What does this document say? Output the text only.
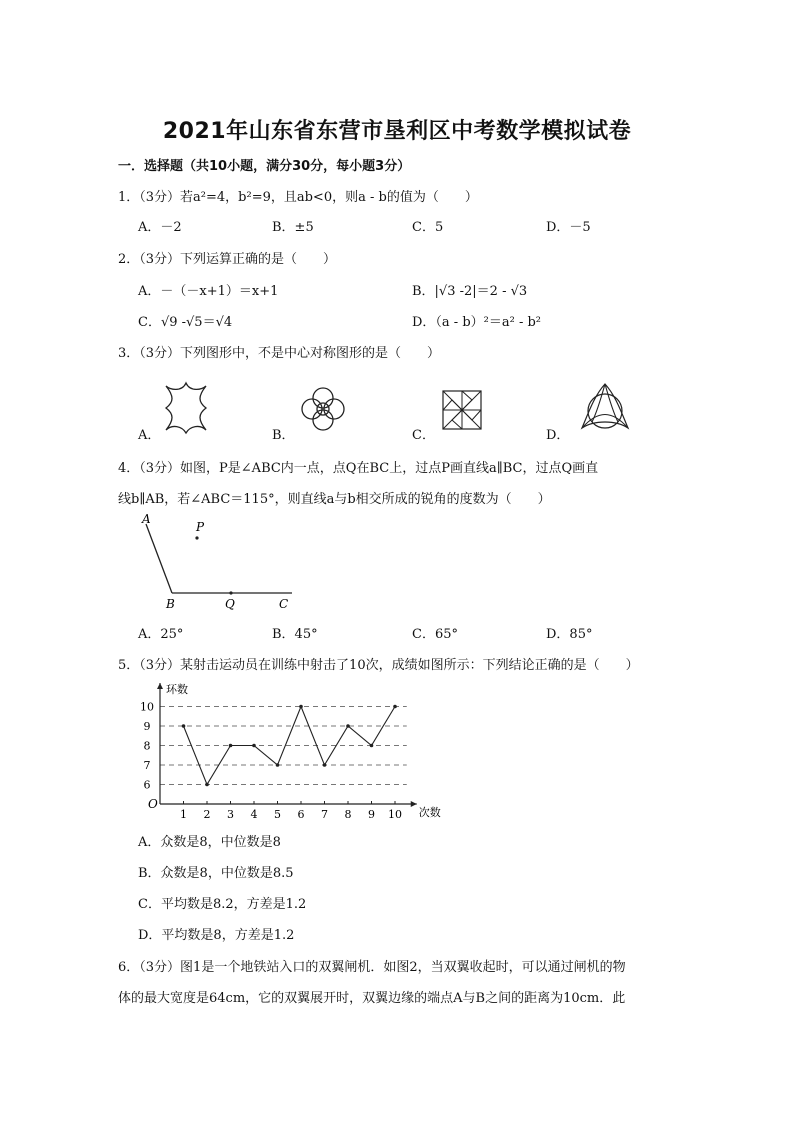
2021年山东省东营市垦利区中考数学模拟试卷
一．选择题（共10小题，满分30分，每小题3分）
1．（3分）若a²=4，b²=9，且ab<0，则a - b的值为（　　）
A．－2	B．±5	C．5	D．－5
2．（3分）下列运算正确的是（　　）
A．－（－x+1）＝x+1	B．|√3 -2|＝2 - √3
C．√9 -√5＝√4	D．（a - b）²＝a² - b²
3．（3分）下列图形中，不是中心对称图形的是（　　）
A．	B．	C．	D．
4．（3分）如图，P是∠ABC内一点，点Q在BC上，过点P画直线a∥BC，过点Q画直
线b∥AB，若∠ABC＝115°，则直线a与b相交所成的锐角的度数为（　　）
A
P
B	Q	C
A．25°	B．45°	C．65°	D．85°
5．（3分）某射击运动员在训练中射击了10次，成绩如图所示：下列结论正确的是（　　）
环数
次数
O
6
7
8
9
10
1 2 3 4 5 6 7 8 9 10
A．众数是8，中位数是8
B．众数是8，中位数是8.5
C．平均数是8.2，方差是1.2
D．平均数是8，方差是1.2
6．（3分）图1是一个地铁站入口的双翼闸机．如图2，当双翼收起时，可以通过闸机的物
体的最大宽度是64cm，它的双翼展开时，双翼边缘的端点A与B之间的距离为10cm．此
